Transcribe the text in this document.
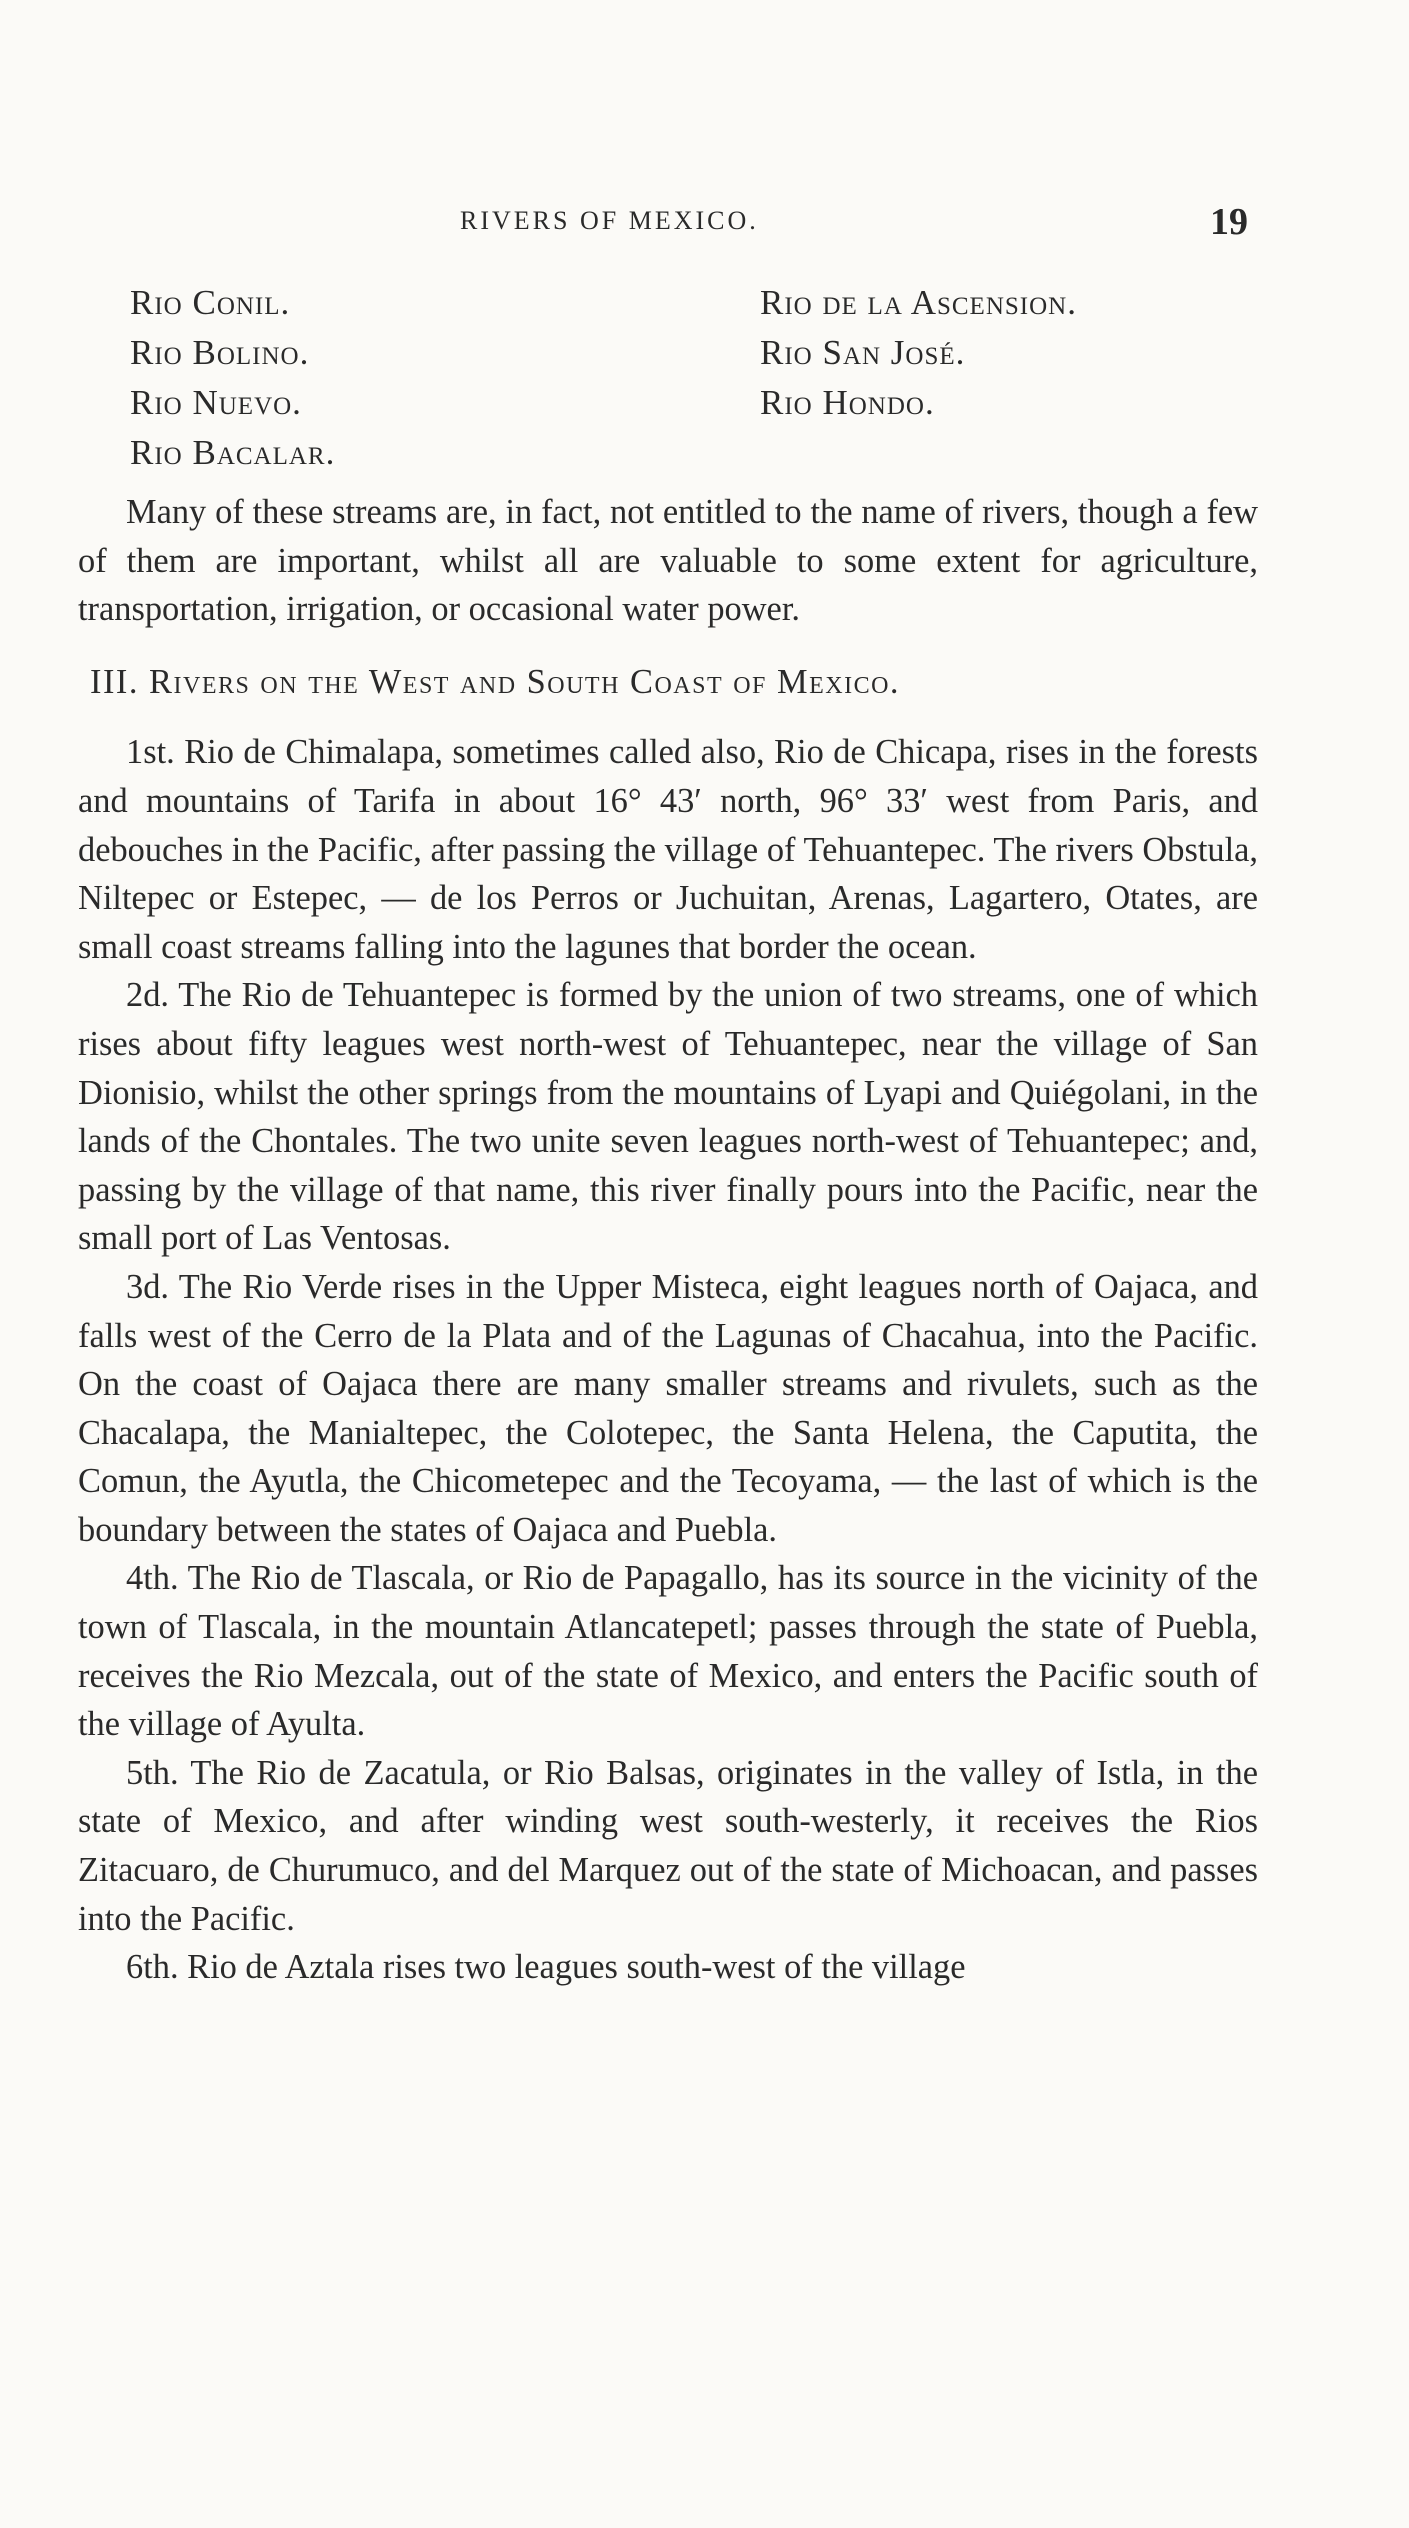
RIVERS OF MEXICO.	19
Rio Conil.
Rio Bolino.
Rio Nuevo.
Rio Bacalar.
Rio de la Ascension.
Rio San José.
Rio Hondo.

Many of these streams are, in fact, not entitled to the name of rivers, though a few of them are important, whilst all are valuable to some extent for agriculture, transportation, irrigation, or occasional water power.

III. Rivers on the West and South Coast of Mexico.

1st. Rio de Chimalapa, sometimes called also, Rio de Chicapa, rises in the forests and mountains of Tarifa in about 16° 43′ north, 96° 33′ west from Paris, and debouches in the Pacific, after passing the village of Tehuantepec. The rivers Obstula, Niltepec or Estepec, — de los Perros or Juchuitan, Arenas, Lagartero, Otates, are small coast streams falling into the lagunes that border the ocean.

2d. The Rio de Tehuantepec is formed by the union of two streams, one of which rises about fifty leagues west north-west of Tehuantepec, near the village of San Dionisio, whilst the other springs from the mountains of Lyapi and Quiégolani, in the lands of the Chontales. The two unite seven leagues north-west of Tehuantepec; and, passing by the village of that name, this river finally pours into the Pacific, near the small port of Las Ventosas.

3d. The Rio Verde rises in the Upper Misteca, eight leagues north of Oajaca, and falls west of the Cerro de la Plata and of the Lagunas of Chacahua, into the Pacific. On the coast of Oajaca there are many smaller streams and rivulets, such as the Chacalapa, the Manialtepec, the Colotepec, the Santa Helena, the Caputita, the Comun, the Ayutla, the Chicometepec and the Tecoyama, — the last of which is the boundary between the states of Oajaca and Puebla.

4th. The Rio de Tlascala, or Rio de Papagallo, has its source in the vicinity of the town of Tlascala, in the mountain Atlancatepetl; passes through the state of Puebla, receives the Rio Mezcala, out of the state of Mexico, and enters the Pacific south of the village of Ayulta.

5th. The Rio de Zacatula, or Rio Balsas, originates in the valley of Istla, in the state of Mexico, and after winding west south-westerly, it receives the Rios Zitacuaro, de Churumuco, and del Marquez out of the state of Michoacan, and passes into the Pacific.

6th. Rio de Aztala rises two leagues south-west of the village
